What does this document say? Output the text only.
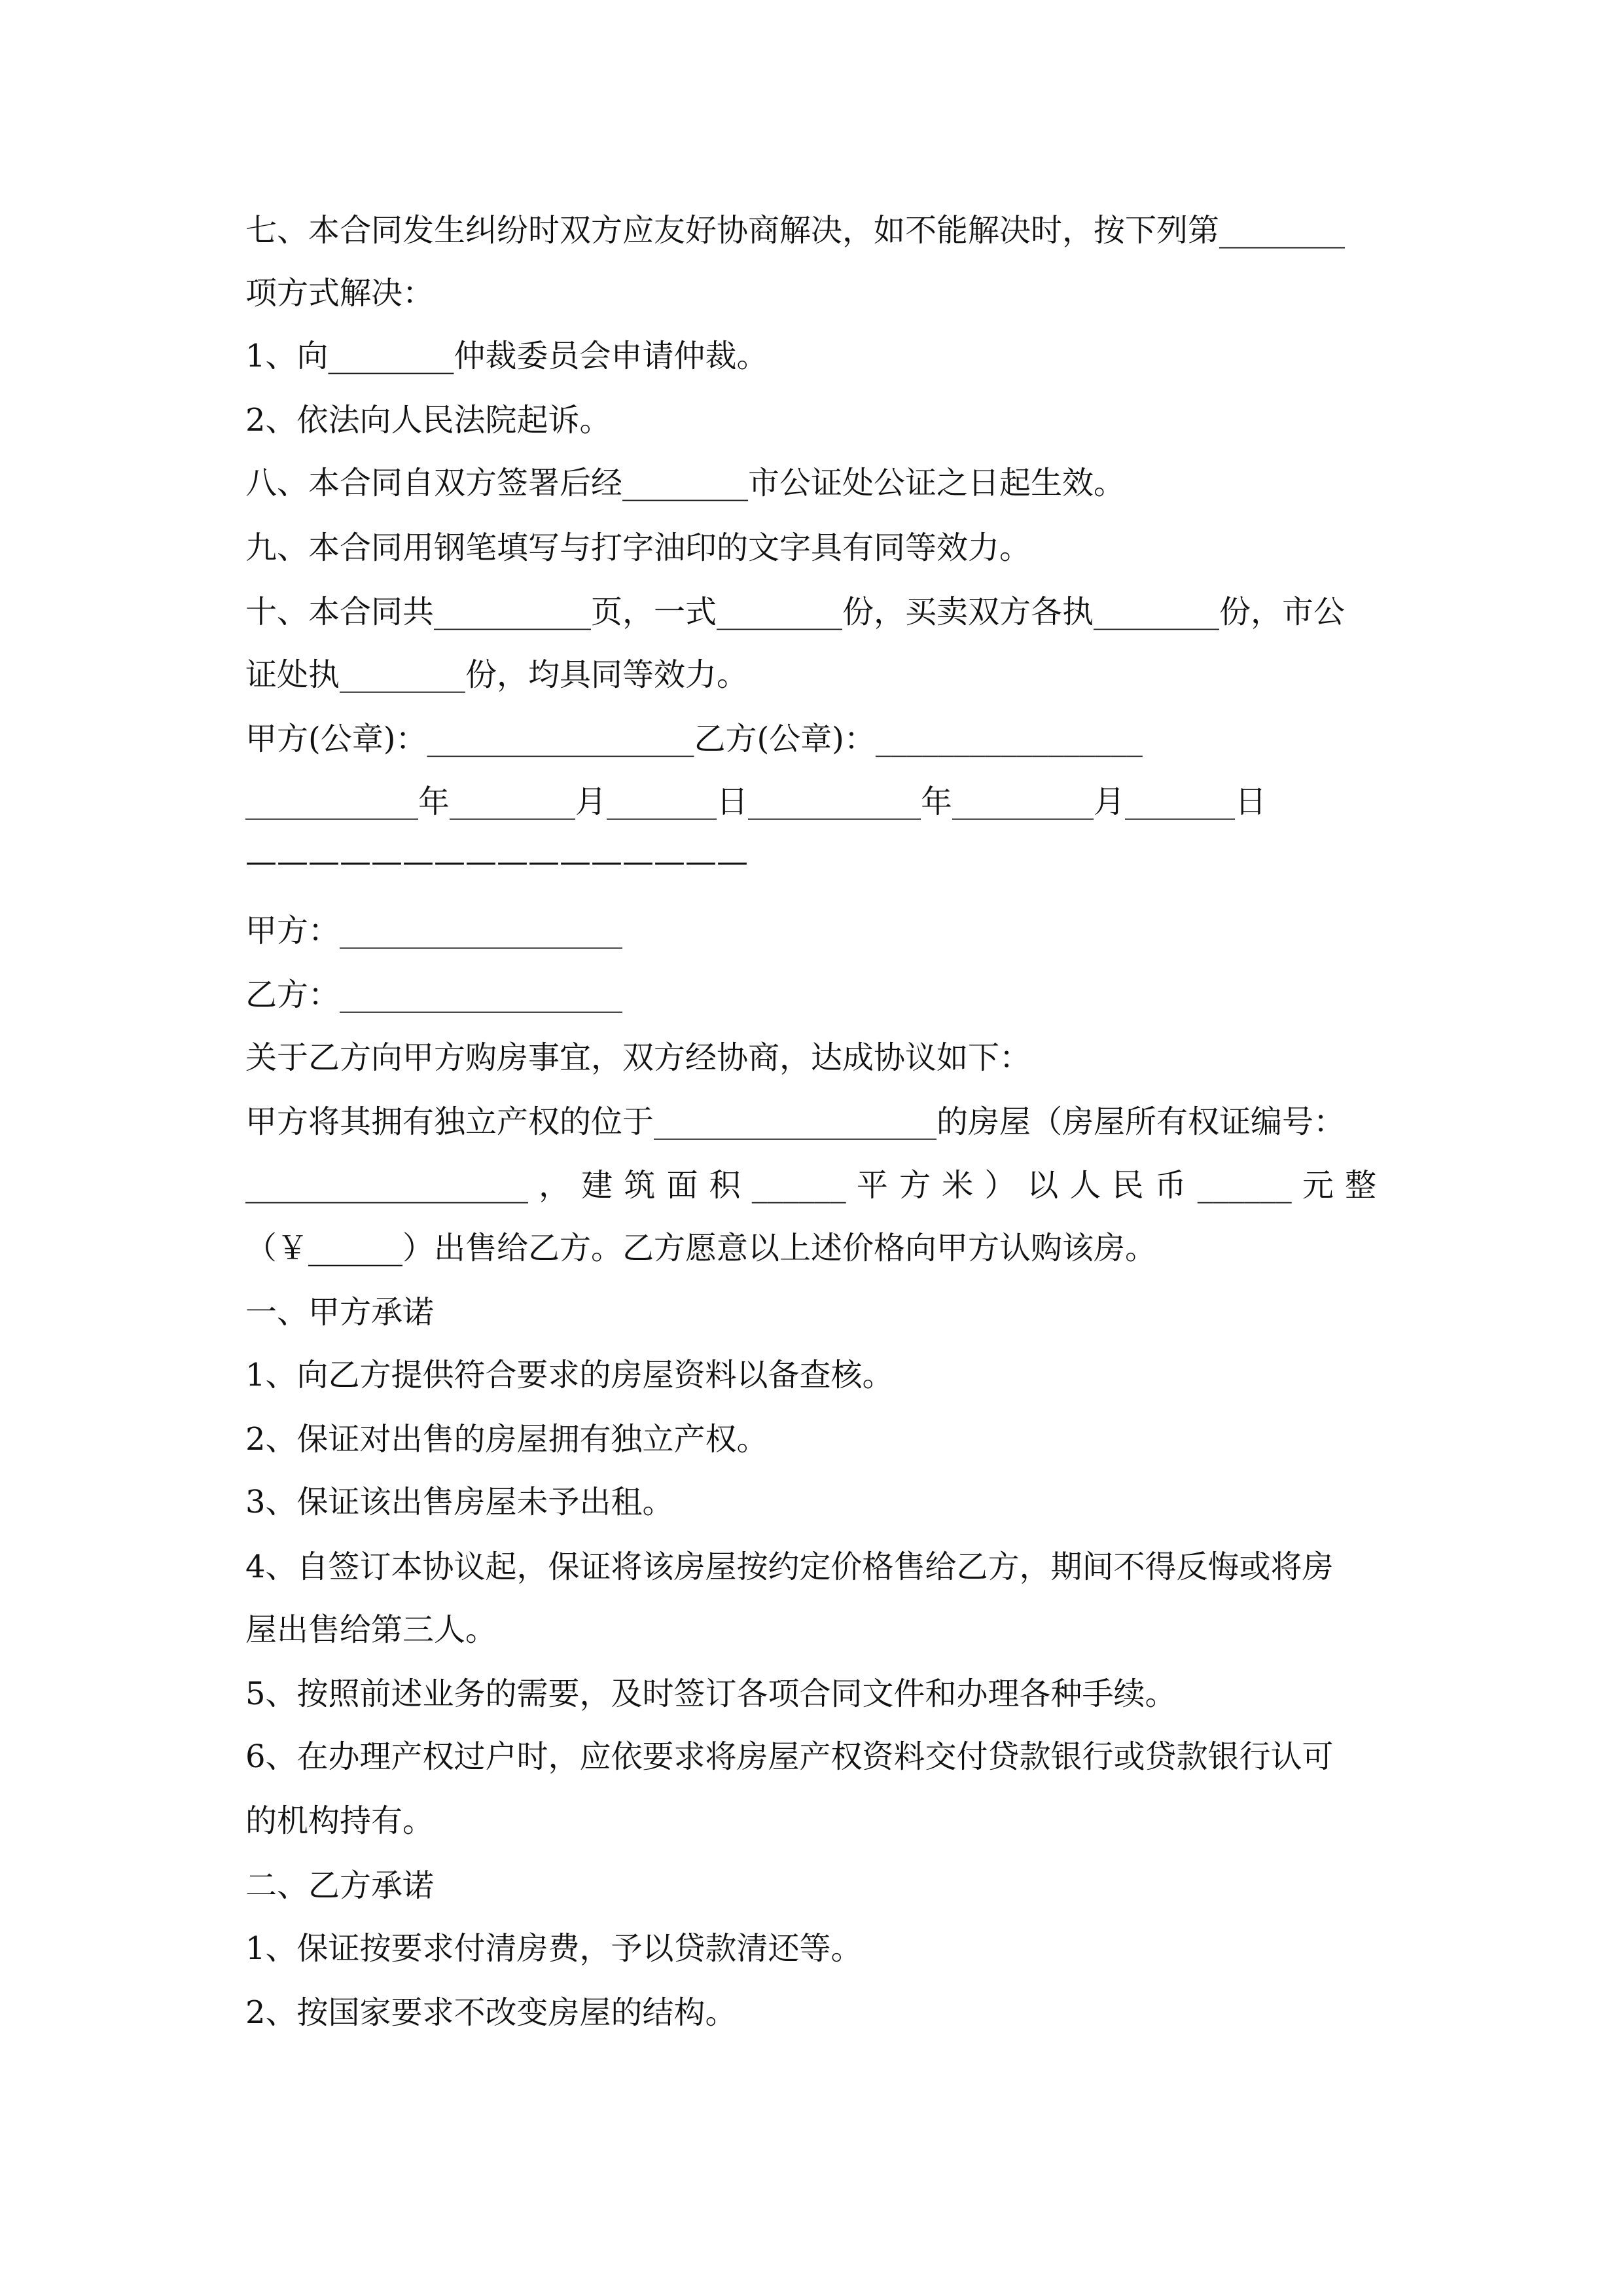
七、本合同发生纠纷时双方应友好协商解决，如不能解决时，按下列第________
项方式解决：
1、向________仲裁委员会申请仲裁。
2、依法向人民法院起诉。
八、本合同自双方签署后经________市公证处公证之日起生效。
九、本合同用钢笔填写与打字油印的文字具有同等效力。
十、本合同共__________页，一式________份，买卖双方各执________份，市公
证处执________份，均具同等效力。
甲方(公章)：_________________乙方(公章)：_________________
___________年________月_______日___________年_________月_______日
————————————————
甲方：__________________
乙方：__________________
关于乙方向甲方购房事宜，双方经协商，达成协议如下：
甲方将其拥有独立产权的位于__________________的房屋（房屋所有权证编号：
__________________ ， 建 筑 面 积 ______ 平 方 米 ） 以 人 民 币 ______ 元 整
（￥______）出售给乙方。乙方愿意以上述价格向甲方认购该房。
一、甲方承诺
1、向乙方提供符合要求的房屋资料以备查核。
2、保证对出售的房屋拥有独立产权。
3、保证该出售房屋未予出租。
4、自签订本协议起，保证将该房屋按约定价格售给乙方，期间不得反悔或将房
屋出售给第三人。
5、按照前述业务的需要，及时签订各项合同文件和办理各种手续。
6、在办理产权过户时，应依要求将房屋产权资料交付贷款银行或贷款银行认可
的机构持有。
二、乙方承诺
1、保证按要求付清房费，予以贷款清还等。
2、按国家要求不改变房屋的结构。
